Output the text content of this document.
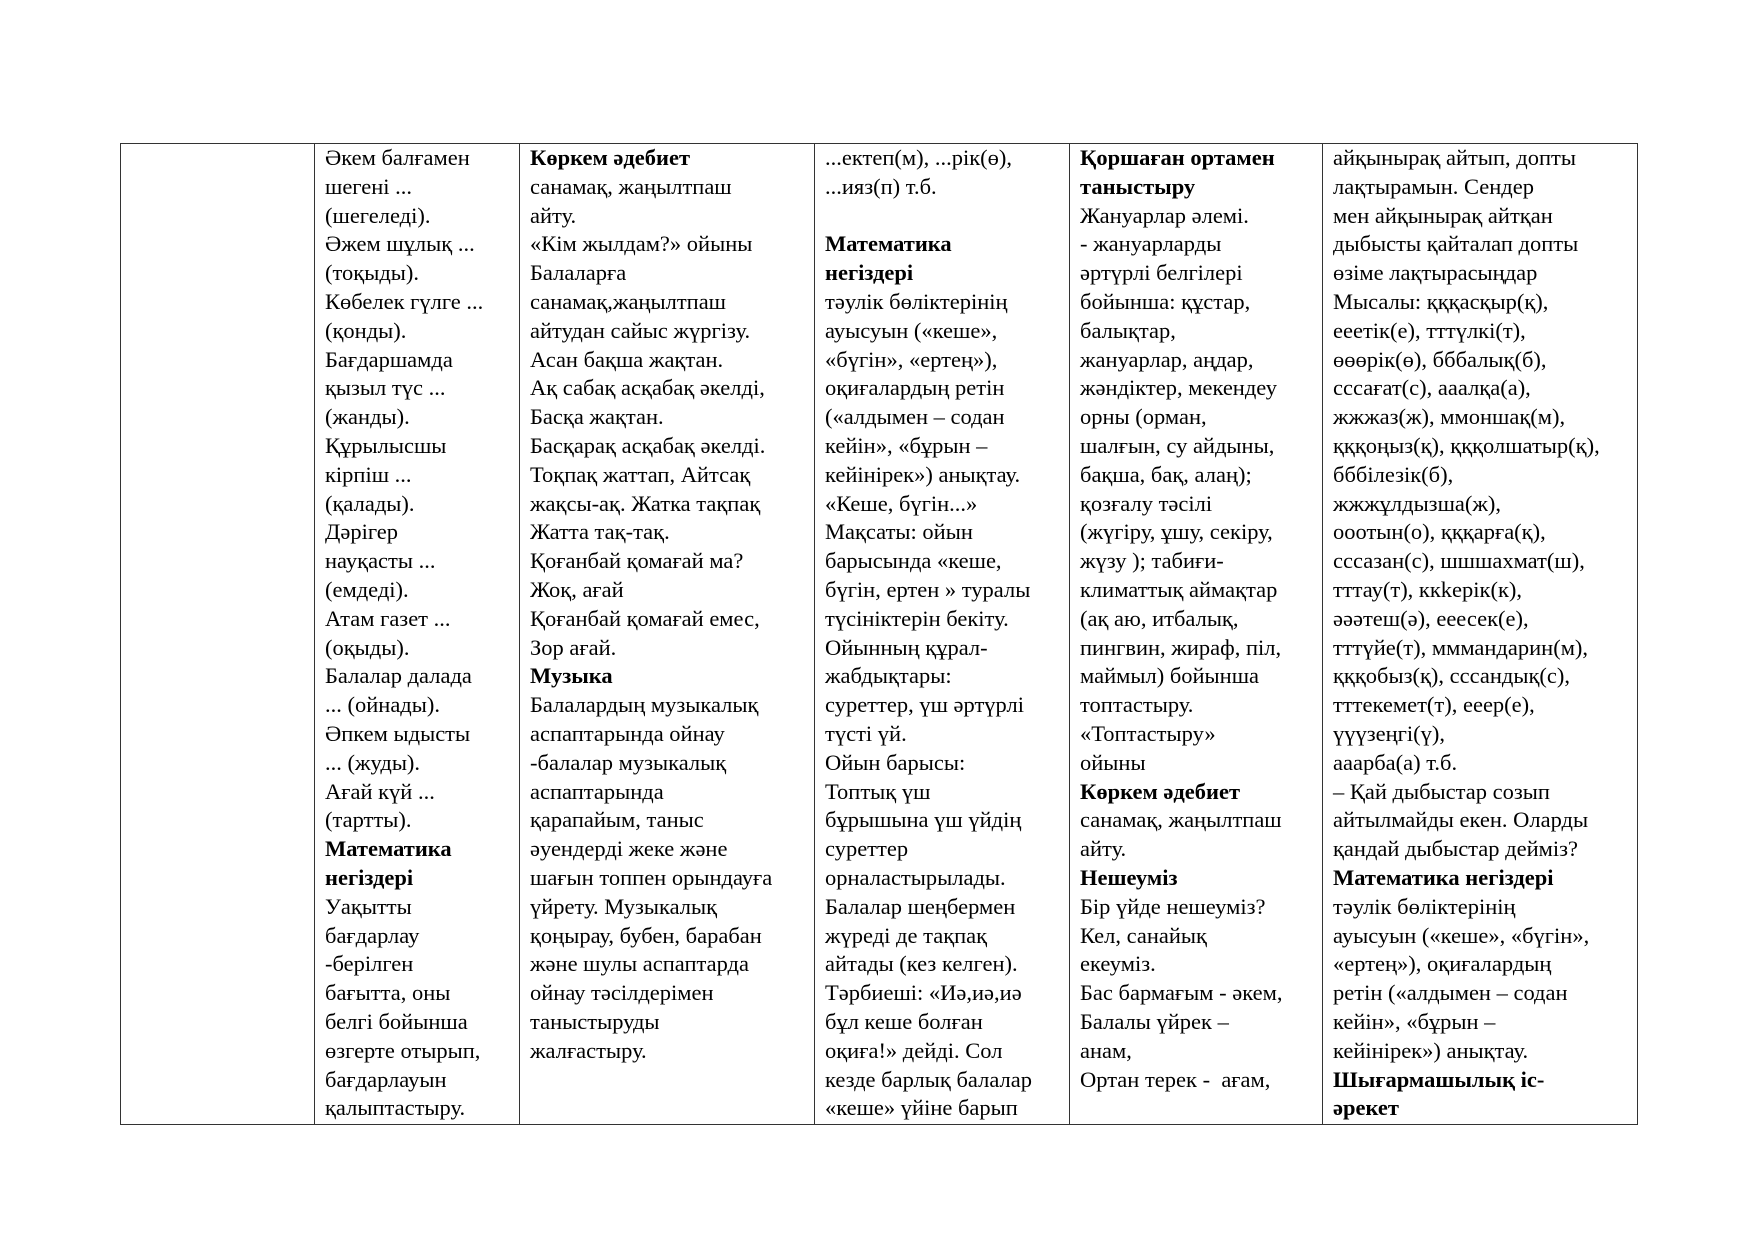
Әкем балғамен
шегені ...
(шегеледі).
Әжем шұлық ...
(тоқыды).
Көбелек гүлге ...
(қонды).
Бағдаршамда
қызыл түс ...
(жанды).
Құрылысшы
кірпіш ...
(қалады).
Дәрігер
науқасты ...
(емдеді).
Атам газет ...
(оқыды).
Балалар далада
... (ойнады).
Әпкем ыдысты
... (жуды).
Ағай күй ...
(тартты).
Математика
негіздері
Уақытты
бағдарлау
-берілген
бағытта, оны
белгі бойынша
өзгерте отырып,
бағдарлауын
қалыптастыру.

Көркем әдебиет
санамақ, жаңылтпаш
айту.
«Кім жылдам?» ойыны
Балаларға
санамақ,жаңылтпаш
айтудан сайыс жүргізу.
Асан бақша жақтан.
Ақ сабақ асқабақ әкелді,
Басқа жақтан.
Басқарақ асқабақ әкелді.
Тоқпақ жаттап, Айтсақ
жақсы-ақ. Жатка тақпақ
Жатта тақ-тақ.
Қоғанбай қомағай ма?
Жоқ, ағай
Қоғанбай қомағай емес,
Зор ағай.
Музыка
Балалардың музыкалық
аспаптарында ойнау
-балалар музыкалық
аспаптарында
қарапайым, таныс
әуендерді жеке және
шағын топпен орындауға
үйрету. Музыкалық
қоңырау, бубен, барабан
және шулы аспаптарда
ойнау тәсілдерімен
таныстыруды
жалғастыру.

...ектеп(м), ...рік(ө),
...ияз(п) т.б.

Математика
негіздері
тәулік бөліктерінің
ауысуын («кеше»,
«бүгін», «ертең»),
оқиғалардың ретін
(«алдымен – содан
кейін», «бұрын –
кейінірек») анықтау.
«Кеше, бүгін...»
Мақсаты: ойын
барысында «кеше,
бүгін, ертен » туралы
түсініктерін бекіту.
Ойынның құрал-
жабдықтары:
суреттер, үш әртүрлі
түсті үй.
Ойын барысы:
Топтық үш
бұрышына үш үйдің
суреттер
орналастырылады.
Балалар шеңбермен
жүреді де тақпақ
айтады (кез келген).
Тәрбиеші: «Иә,иә,иә
бұл кеше болған
оқиға!» дейді. Сол
кезде барлық балалар
«кеше» үйіне барып

Қоршаған ортамен
таныстыру
Жануарлар әлемі.
- жануарларды
әртүрлі белгілері
бойынша: құстар,
балықтар,
жануарлар, аңдар,
жәндіктер, мекендеу
орны (орман,
шалғын, су айдыны,
бақша, бақ, алаң);
қозғалу тәсілі
(жүгіру, ұшу, секіру,
жүзу ); табиғи-
климаттық аймақтар
(ақ аю, итбалық,
пингвин, жираф, піл,
маймыл) бойынша
топтастыру.
«Топтастыру»
ойыны
Көркем әдебиет
санамақ, жаңылтпаш
айту.
Нешеуміз
Бір үйде нешеуміз?
Кел, санайық
екеуміз.
Бас бармағым - әкем,
Балалы үйрек –
анам,
Ортан терек -  ағам,

айқынырақ айтып, допты
лақтырамын. Сендер
мен айқынырақ айтқан
дыбысты қайталап допты
өзіме лақтырасыңдар
Мысалы: қққасқыр(қ),
ееетік(е), тттүлкі(т),
өөөрік(ө), бббалық(б),
сссағат(с), ааалқа(а),
жжжаз(ж), ммоншақ(м),
қққоңыз(қ), қққолшатыр(қ),
бббілезік(б),
жжжұлдызша(ж),
ооотын(о), қққарға(қ),
сссазан(с), шшшахмат(ш),
тттау(т), ккkерік(к),
әәәтеш(ә), ееесек(е),
тттүйе(т), мммандарин(м),
қққобыз(қ), сссандық(с),
тттекемет(т), ееер(е),
үүүзеңгі(ү),
ааарба(а) т.б.
– Қай дыбыстар созып
айтылмайды екен. Оларды
қандай дыбыстар дейміз?
Математика негіздері
тәулік бөліктерінің
ауысуын («кеше», «бүгін»,
«ертең»), оқиғалардың
ретін («алдымен – содан
кейін», «бұрын –
кейінірек») анықтау.
Шығармашылық іс-
әрекет
